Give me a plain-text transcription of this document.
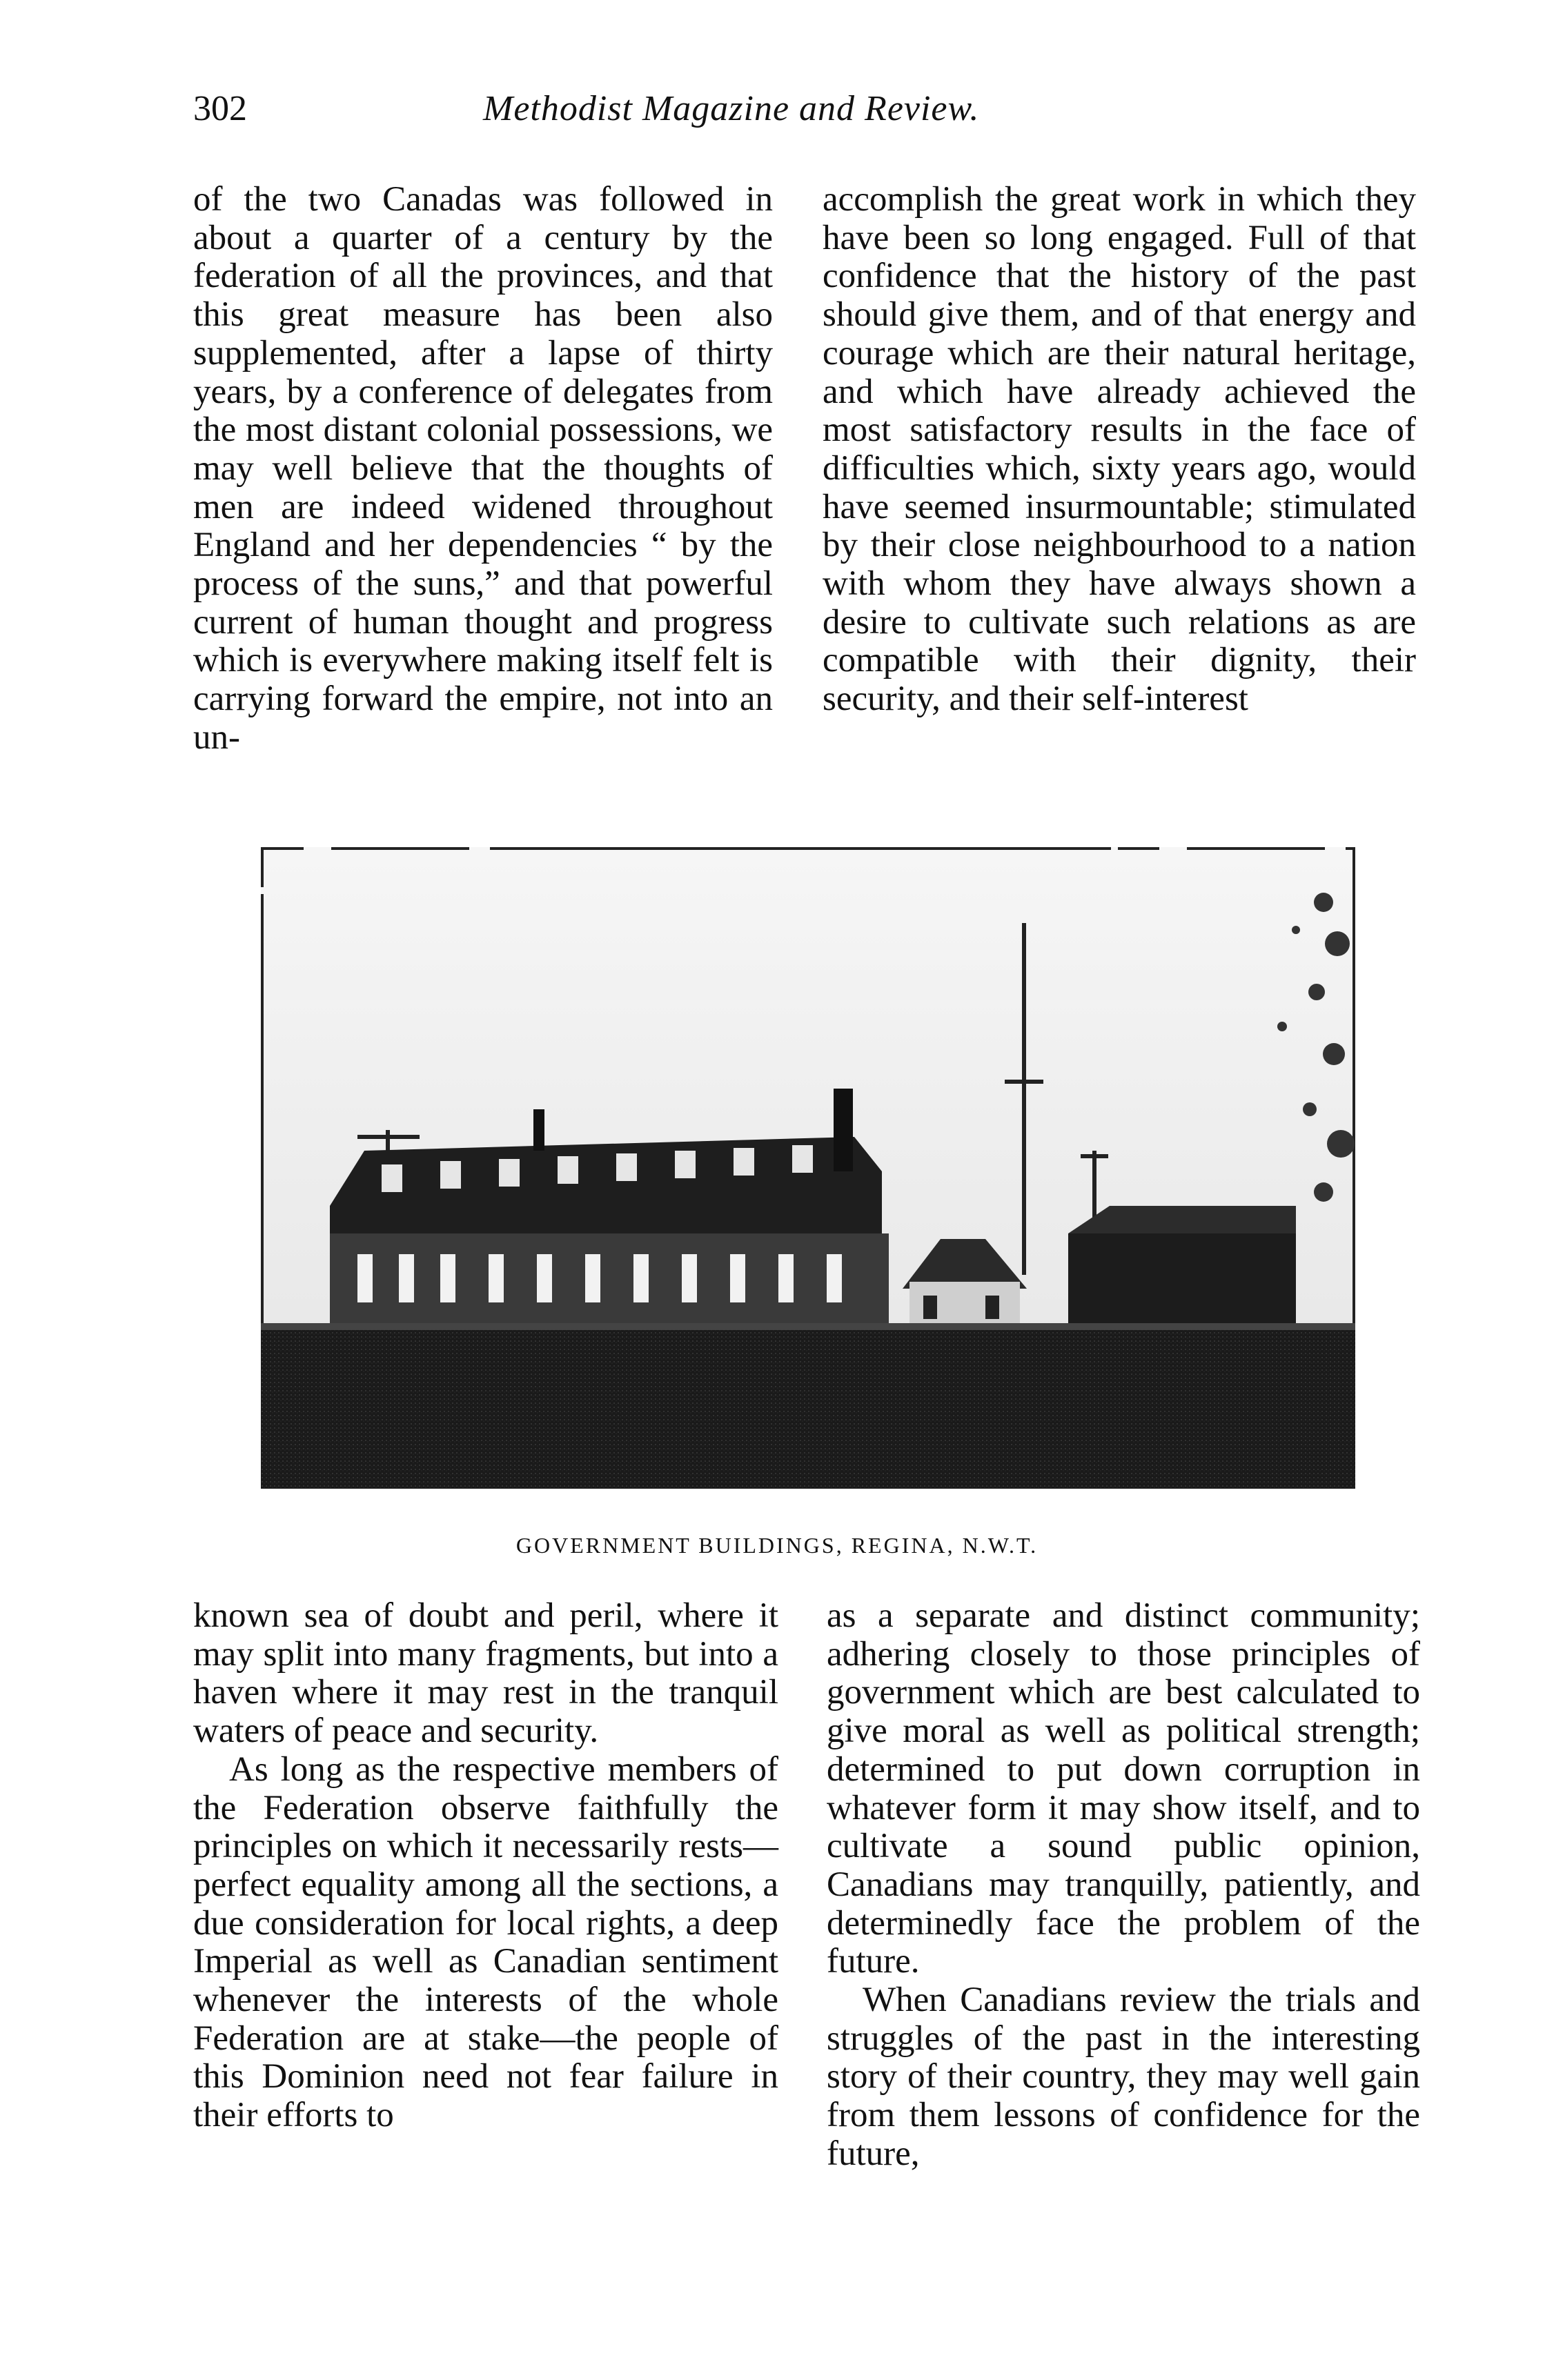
302	Methodist Magazine and Review.

of the two Canadas was followed in about a quarter of a century by the federation of all the provinces, and that this great measure has been also supplemented, after a lapse of thirty years, by a conference of delegates from the most distant colonial possessions, we may well believe that the thoughts of men are indeed widened throughout England and her dependencies “ by the process of the suns,” and that powerful current of human thought and progress which is everywhere making itself felt is carrying forward the empire, not into an un-

accomplish the great work in which they have been so long engaged. Full of that confidence that the history of the past should give them, and of that energy and courage which are their natural heritage, and which have already achieved the most satisfactory results in the face of difficulties which, sixty years ago, would have seemed insurmountable; stimulated by their close neighbourhood to a nation with whom they have always shown a desire to cultivate such relations as are compatible with their dignity, their security, and their self-interest

GOVERNMENT BUILDINGS, REGINA, N.W.T.

known sea of doubt and peril, where it may split into many fragments, but into a haven where it may rest in the tranquil waters of peace and security.

As long as the respective members of the Federation observe faithfully the principles on which it necessarily rests—perfect equality among all the sections, a due consideration for local rights, a deep Imperial as well as Canadian sentiment whenever the interests of the whole Federation are at stake—the people of this Dominion need not fear failure in their efforts to

as a separate and distinct community; adhering closely to those principles of government which are best calculated to give moral as well as political strength; determined to put down corruption in whatever form it may show itself, and to cultivate a sound public opinion, Canadians may tranquilly, patiently, and determinedly face the problem of the future.

When Canadians review the trials and struggles of the past in the interesting story of their country, they may well gain from them lessons of confidence for the future,
